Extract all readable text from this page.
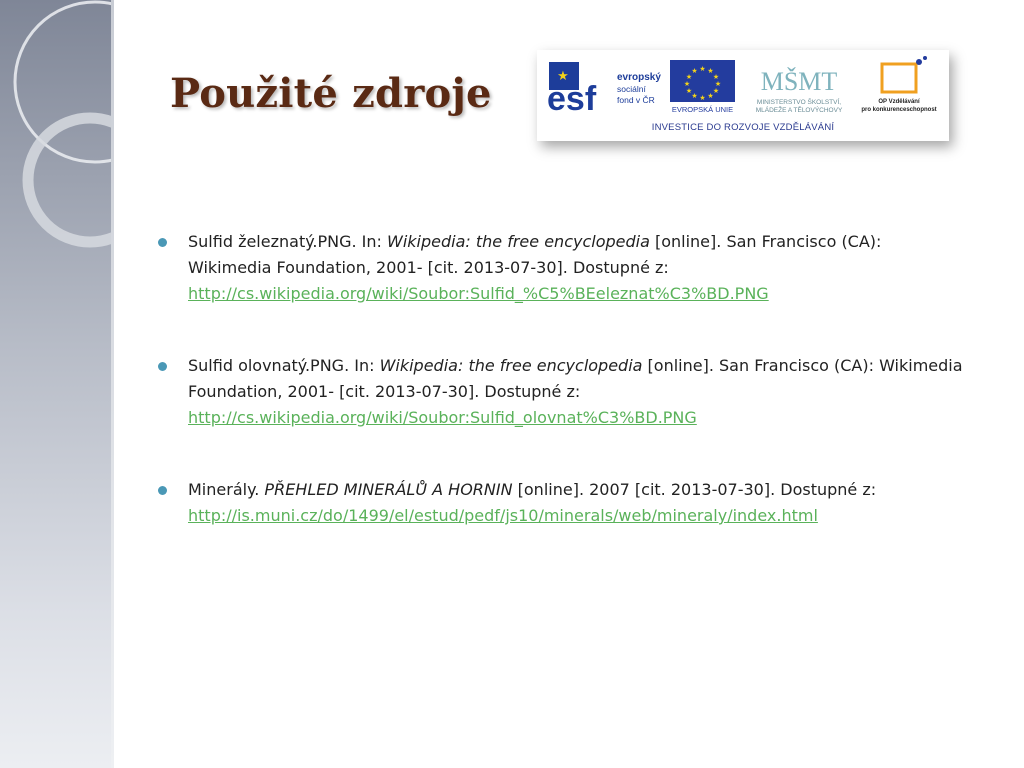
Použité zdroje	★
esf
evropský
sociální
fond v ČR
★ ★
★
★
★
★
★
★
★
★
★
★
EVROPSKÁ UNIE
MŠMT
MINISTERSTVO ŠKOLSTVÍ,
MLÁDEŽE A TĚLOVÝCHOVY
OP Vzdělávání
pro konkurenceschopnost
INVESTICE DO ROZVOJE VZDĚLÁVÁNÍ
Sulfid železnatý.PNG. In: Wikipedia: the free encyclopedia [online]. San Francisco (CA): Wikimedia Foundation, 2001- [cit. 2013-07-30]. Dostupné z: http://cs.wikipedia.org/wiki/Soubor:Sulfid_%C5%BEeleznat%C3%BD.PNG
Sulfid olovnatý.PNG. In: Wikipedia: the free encyclopedia [online]. San Francisco (CA): Wikimedia Foundation, 2001- [cit. 2013-07-30]. Dostupné z: http://cs.wikipedia.org/wiki/Soubor:Sulfid_olovnat%C3%BD.PNG
Minerály. PŘEHLED MINERÁLŮ A HORNIN [online]. 2007 [cit. 2013-07-30]. Dostupné z: http://is.muni.cz/do/1499/el/estud/pedf/js10/minerals/web/mineraly/index.html
